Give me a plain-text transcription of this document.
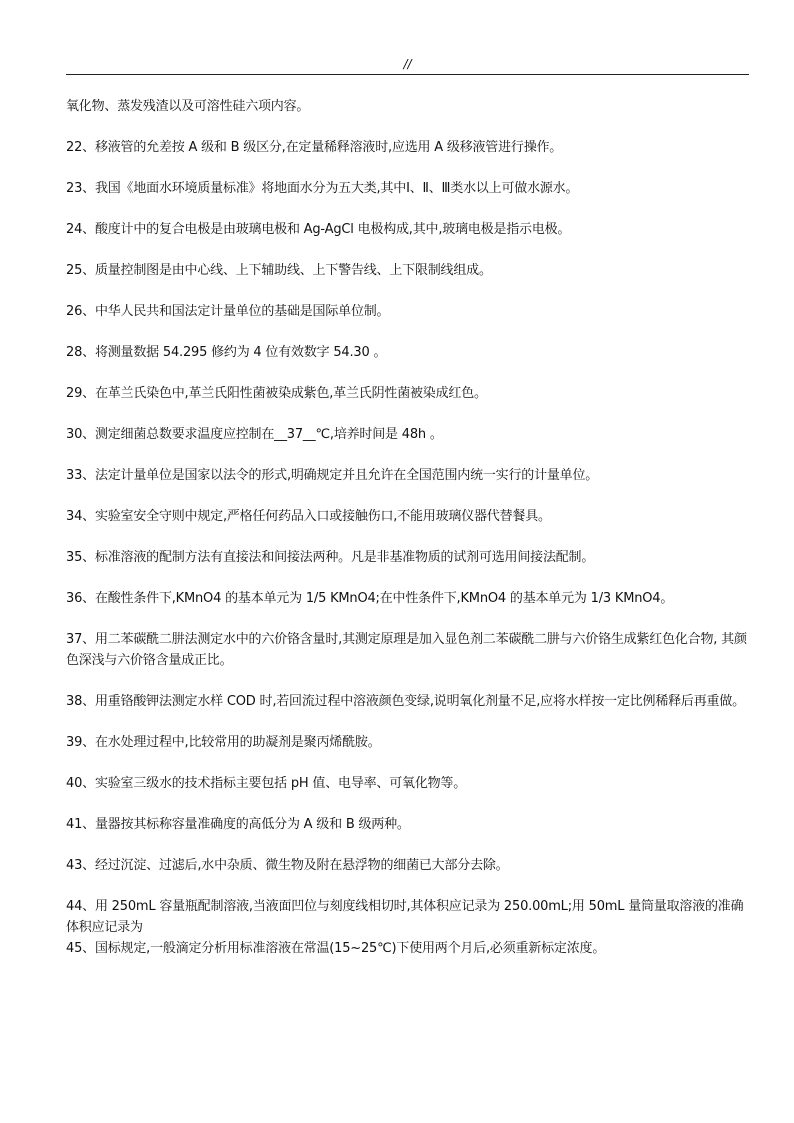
//

氧化物、蒸发残渣以及可溶性硅六项内容。

22、移液管的允差按 A 级和 B 级区分,在定量稀释溶液时,应选用 A 级移液管进行操作。

23、我国《地面水环境质量标准》将地面水分为五大类,其中Ⅰ、Ⅱ、Ⅲ类水以上可做水源水。

24、酸度计中的复合电极是由玻璃电极和 Ag-AgCl 电极构成,其中,玻璃电极是指示电极。

25、质量控制图是由中心线、上下辅助线、上下警告线、上下限制线组成。

26、中华人民共和国法定计量单位的基础是国际单位制。

28、将测量数据 54.295 修约为 4 位有效数字 54.30 。

29、在革兰氏染色中,革兰氏阳性菌被染成紫色,革兰氏阴性菌被染成红色。

30、测定细菌总数要求温度应控制在__37__℃,培养时间是 48h 。

33、法定计量单位是国家以法令的形式,明确规定并且允许在全国范围内统一实行的计量单位。

34、实验室安全守则中规定,严格任何药品入口或接触伤口,不能用玻璃仪器代替餐具。

35、标准溶液的配制方法有直接法和间接法两种。凡是非基准物质的试剂可选用间接法配制。

36、在酸性条件下,KMnO4 的基本单元为 1/5 KMnO4;在中性条件下,KMnO4 的基本单元为 1/3 KMnO4。

37、用二苯碳酰二肼法测定水中的六价铬含量时,其测定原理是加入显色剂二苯碳酰二肼与六价铬生成紫红色化合物, 其颜色深浅与六价铬含量成正比。

38、用重铬酸钾法测定水样 COD 时,若回流过程中溶液颜色变绿,说明氧化剂量不足,应将水样按一定比例稀释后再重做。

39、在水处理过程中,比较常用的助凝剂是聚丙烯酰胺。

40、实验室三级水的技术指标主要包括 pH 值、电导率、可氧化物等。

41、量器按其标称容量准确度的高低分为 A 级和 B 级两种。

43、经过沉淀、过滤后,水中杂质、微生物及附在悬浮物的细菌已大部分去除。

44、用 250mL 容量瓶配制溶液,当液面凹位与刻度线相切时,其体积应记录为 250.00mL;用 50mL 量筒量取溶液的准确体积应记录为

45、国标规定,一般滴定分析用标准溶液在常温(15~25℃)下使用两个月后,必须重新标定浓度。
